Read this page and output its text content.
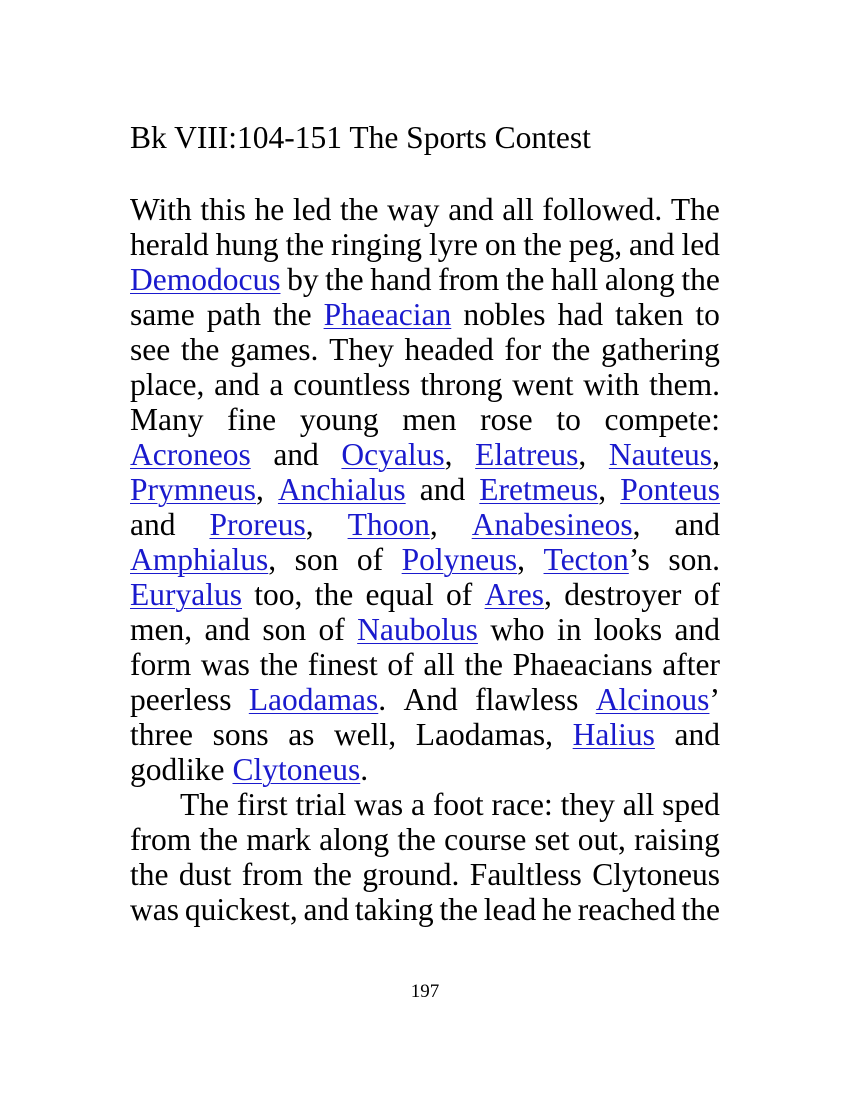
Bk VIII:104-151 The Sports Contest
With this he led the way and all followed. The
herald hung the ringing lyre on the peg, and led
Demodocus by the hand from the hall along the
same path the Phaeacian nobles had taken to
see the games. They headed for the gathering
place, and a countless throng went with them.
Many fine young men rose to compete:
Acroneos and Ocyalus, Elatreus, Nauteus,
Prymneus, Anchialus and Eretmeus, Ponteus
and Proreus, Thoon, Anabesineos, and
Amphialus, son of Polyneus, Tecton’s son.
Euryalus too, the equal of Ares, destroyer of
men, and son of Naubolus who in looks and
form was the finest of all the Phaeacians after
peerless Laodamas. And flawless Alcinous’
three sons as well, Laodamas, Halius and
godlike Clytoneus.
The first trial was a foot race: they all sped
from the mark along the course set out, raising
the dust from the ground. Faultless Clytoneus
was quickest, and taking the lead he reached the
197
